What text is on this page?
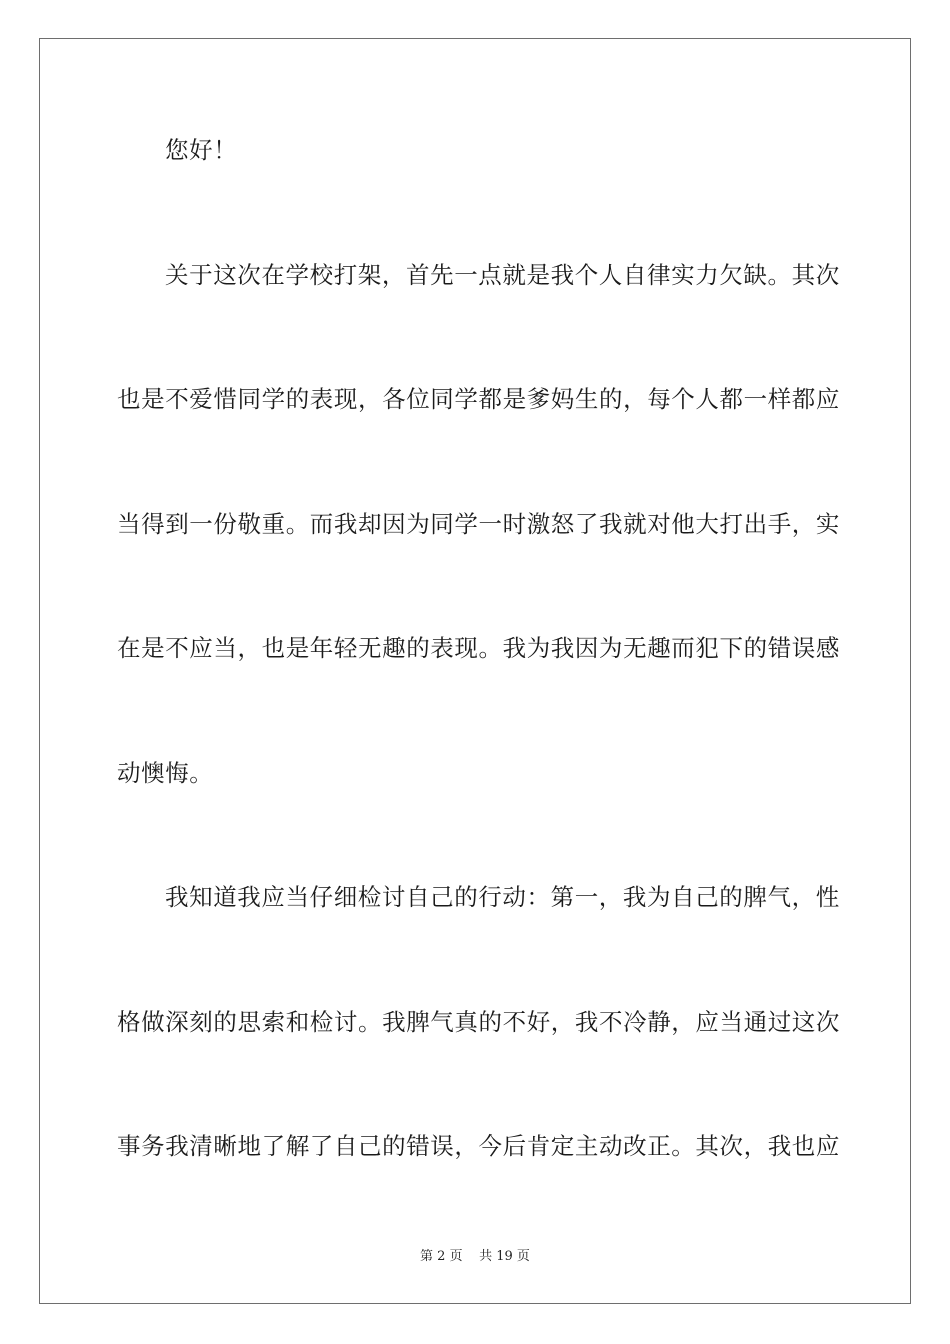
您好！
关于这次在学校打架，首先一点就是我个人自律实力欠缺。其次
也是不爱惜同学的表现，各位同学都是爹妈生的，每个人都一样都应
当得到一份敬重。而我却因为同学一时激怒了我就对他大打出手，实
在是不应当，也是年轻无趣的表现。我为我因为无趣而犯下的错误感
动懊悔。
我知道我应当仔细检讨自己的行动：第一，我为自己的脾气，性
格做深刻的思索和检讨。我脾气真的不好，我不冷静，应当通过这次
事务我清晰地了解了自己的错误，今后肯定主动改正。其次，我也应
第 2 页 共 19 页
